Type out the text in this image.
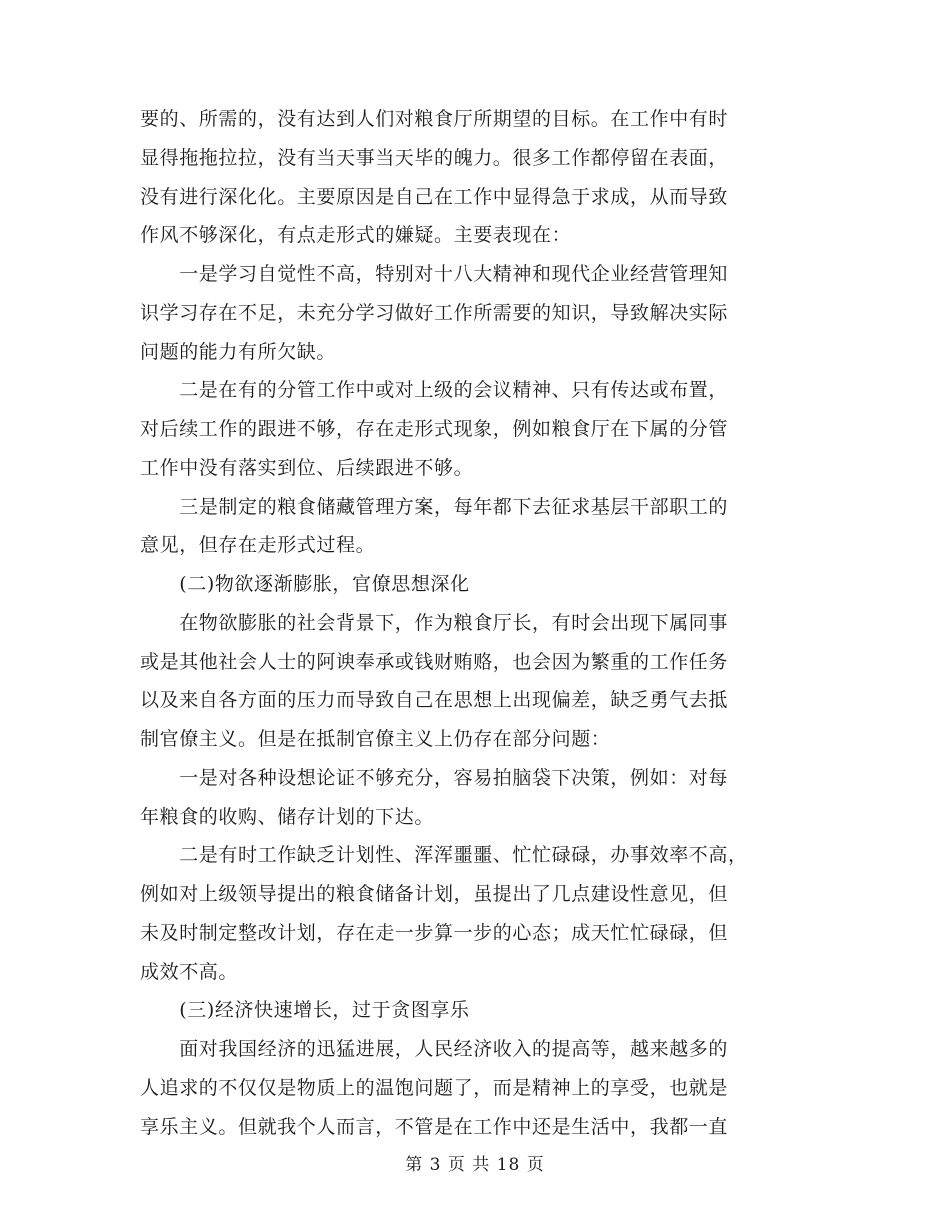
要的、所需的，没有达到人们对粮食厅所期望的目标。在工作中有时
显得拖拖拉拉，没有当天事当天毕的魄力。很多工作都停留在表面，
没有进行深化化。主要原因是自己在工作中显得急于求成，从而导致
作风不够深化，有点走形式的嫌疑。主要表现在：
　　一是学习自觉性不高，特别对十八大精神和现代企业经营管理知
识学习存在不足，未充分学习做好工作所需要的知识，导致解决实际
问题的能力有所欠缺。
　　二是在有的分管工作中或对上级的会议精神、只有传达或布置，
对后续工作的跟进不够，存在走形式现象，例如粮食厅在下属的分管
工作中没有落实到位、后续跟进不够。
　　三是制定的粮食储藏管理方案，每年都下去征求基层干部职工的
意见，但存在走形式过程。
　　(二)物欲逐渐膨胀，官僚思想深化
　　在物欲膨胀的社会背景下，作为粮食厅长，有时会出现下属同事
或是其他社会人士的阿谀奉承或钱财贿赂，也会因为繁重的工作任务
以及来自各方面的压力而导致自己在思想上出现偏差，缺乏勇气去抵
制官僚主义。但是在抵制官僚主义上仍存在部分问题：
　　一是对各种设想论证不够充分，容易拍脑袋下决策，例如：对每
年粮食的收购、储存计划的下达。
　　二是有时工作缺乏计划性、浑浑噩噩、忙忙碌碌，办事效率不高，
例如对上级领导提出的粮食储备计划，虽提出了几点建设性意见，但
未及时制定整改计划，存在走一步算一步的心态；成天忙忙碌碌，但
成效不高。
　　(三)经济快速增长，过于贪图享乐
　　面对我国经济的迅猛进展，人民经济收入的提高等，越来越多的
人追求的不仅仅是物质上的温饱问题了，而是精神上的享受，也就是
享乐主义。但就我个人而言，不管是在工作中还是生活中，我都一直
第 3 页 共 18 页
